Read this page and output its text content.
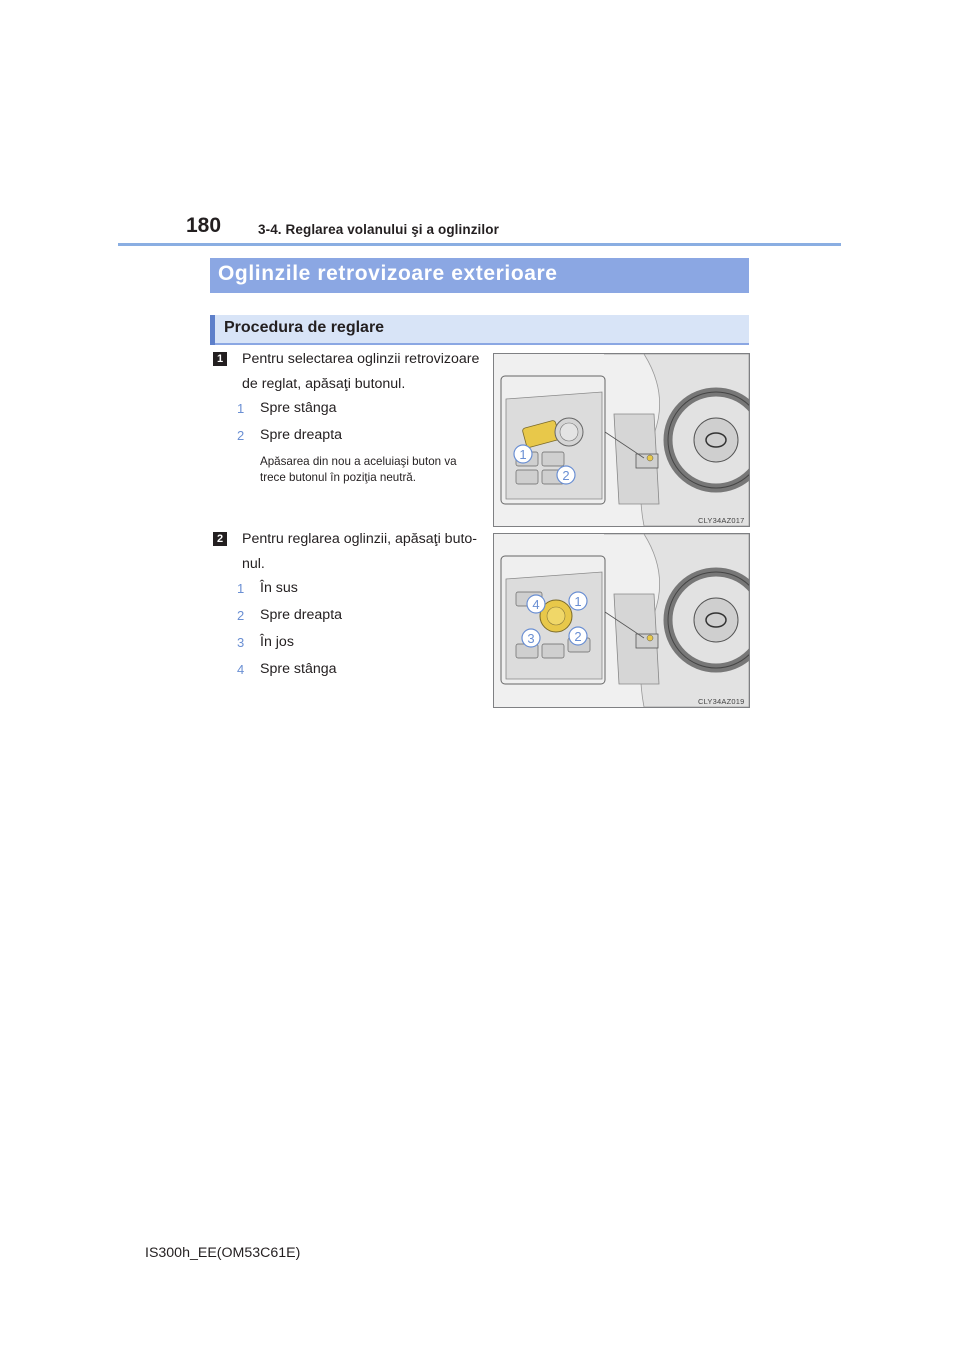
180	3-4. Reglarea volanului şi a oglinzilor
Oglinzile retrovizoare exterioare
Procedura de reglare
1 Pentru selectarea oglinzii retrovizoare
de reglat, apăsaţi butonul.
1 Spre stânga
2 Spre dreapta
Apăsarea din nou a aceluiaşi buton va
trece butonul în poziţia neutră.
1
2
CLY34AZ017
2 Pentru reglarea oglinzii, apăsaţi buto-
nul.
1 În sus
2 Spre dreapta
3 În jos
4 Spre stânga
4	1
3	2
CLY34AZ019
IS300h_EE(OM53C61E)
